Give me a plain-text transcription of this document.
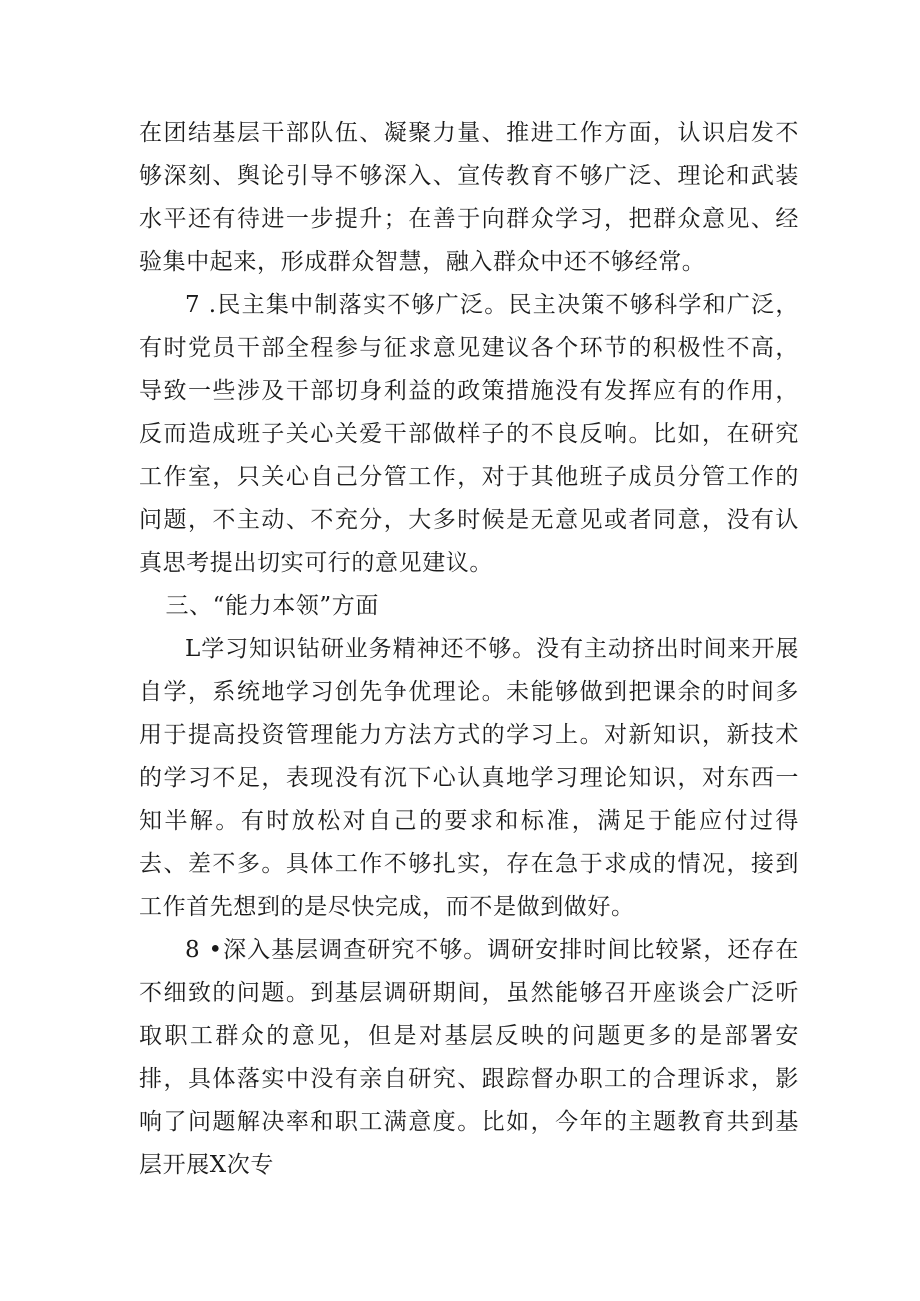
在团结基层干部队伍、凝聚力量、推进工作方面，认识启发不够深刻、舆论引导不够深入、宣传教育不够广泛、理论和武装水平还有待进一步提升；在善于向群众学习，把群众意见、经验集中起来，形成群众智慧，融入群众中还不够经常。

7 .民主集中制落实不够广泛。民主决策不够科学和广泛，有时党员干部全程参与征求意见建议各个环节的积极性不高，导致一些涉及干部切身利益的政策措施没有发挥应有的作用，反而造成班子关心关爱干部做样子的不良反响。比如，在研究工作室，只关心自己分管工作，对于其他班子成员分管工作的问题，不主动、不充分，大多时候是无意见或者同意，没有认真思考提出切实可行的意见建议。

三、“能力本领”方面

L学习知识钻研业务精神还不够。没有主动挤出时间来开展自学，系统地学习创先争优理论。未能够做到把课余的时间多用于提高投资管理能力方法方式的学习上。对新知识，新技术的学习不足，表现没有沉下心认真地学习理论知识，对东西一知半解。有时放松对自己的要求和标准，满足于能应付过得去、差不多。具体工作不够扎实，存在急于求成的情况，接到工作首先想到的是尽快完成，而不是做到做好。

8 •深入基层调查研究不够。调研安排时间比较紧，还存在不细致的问题。到基层调研期间，虽然能够召开座谈会广泛听取职工群众的意见，但是对基层反映的问题更多的是部署安排，具体落实中没有亲自研究、跟踪督办职工的合理诉求，影响了问题解决率和职工满意度。比如，今年的主题教育共到基层开展X次专
